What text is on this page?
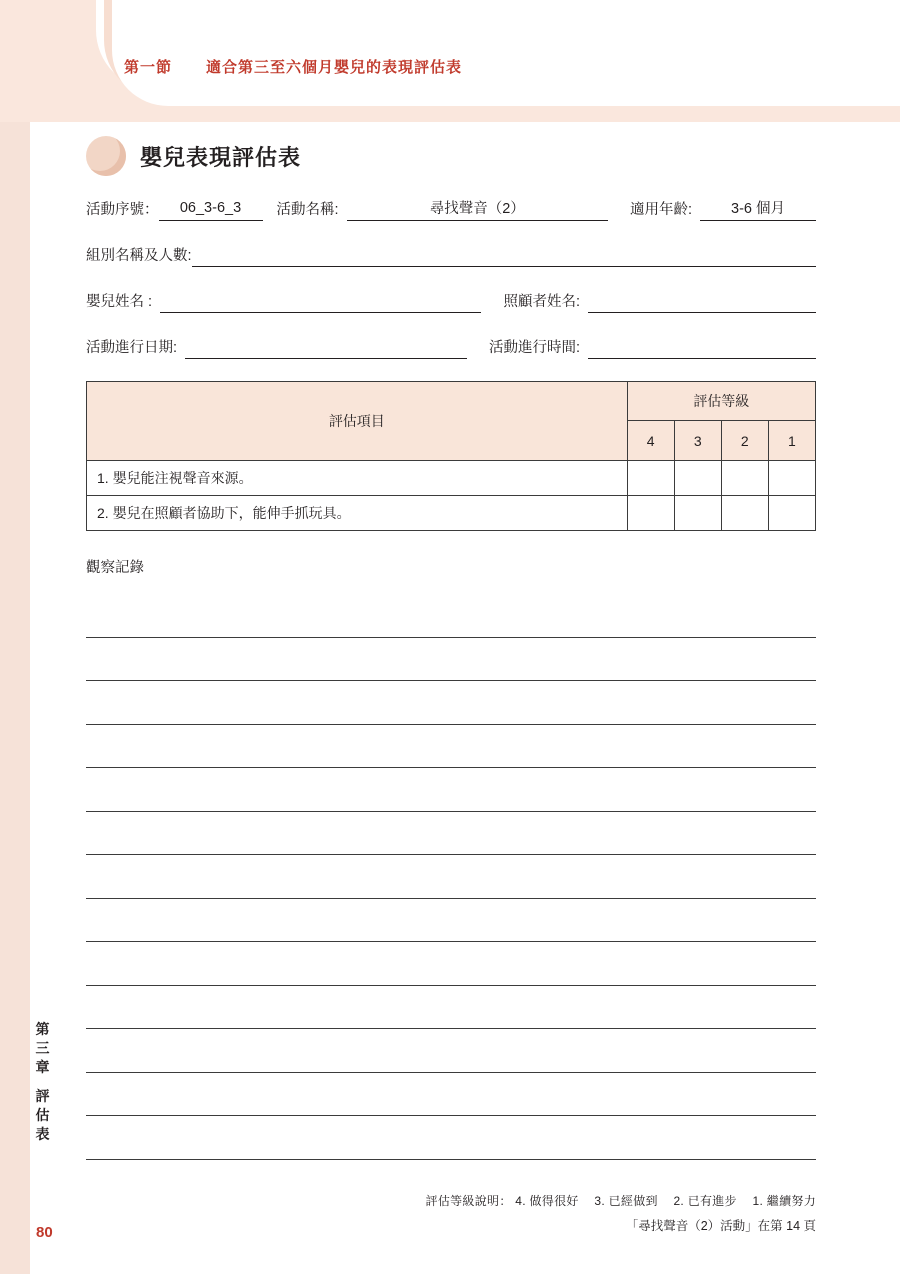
第一節 適合第三至六個月嬰兒的表現評估表
嬰兒表現評估表
活動序號：	06_3-6_3	活動名稱:	尋找聲音（2）	適用年齡:	3-6 個月
組別名稱及人數:
嬰兒姓名 :	照顧者姓名:
活動進行日期:	活動進行時間:
評估項目	評估等級			
	4	3	2	1
1. 嬰兒能注視聲音來源。				
2. 嬰兒在照顧者協助下，能伸手抓玩具。				
觀察記錄
評估等級說明： 4. 做得很好 3. 已經做到 2. 已有進步 1. 繼續努力
「尋找聲音（2）活動」在第 14 頁
第
三
章
評
估
表
80
